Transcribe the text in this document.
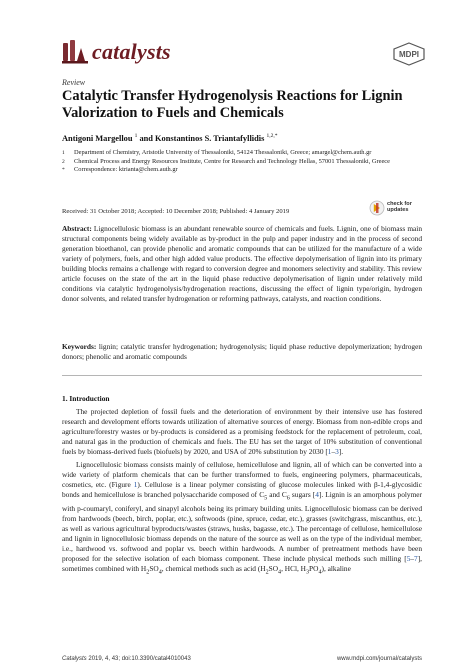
catalysts	MDPI
Review
Catalytic Transfer Hydrogenolysis Reactions for Lignin Valorization to Fuels and Chemicals
Antigoni Margellou $^1$ and Konstantinos S. Triantafyllidis $^{1,2,*}$
1 Department of Chemistry, Aristotle University of Thessaloniki, 54124 Thessaloniki, Greece; amargel@chem.auth.gr
2 Chemical Process and Energy Resources Institute, Centre for Research and Technology Hellas, 57001 Thessaloniki, Greece
* Correspondence: ktrianta@chem.auth.gr
Received: 31 October 2018; Accepted: 10 December 2018; Published: 4 January 2019
check for
updates
Abstract: Lignocellulosic biomass is an abundant renewable source of chemicals and fuels. Lignin, one of biomass main structural components being widely available as by-product in the pulp and paper industry and in the process of second generation bioethanol, can provide phenolic and aromatic compounds that can be utilized for the manufacture of a wide variety of polymers, fuels, and other high added value products. The effective depolymerisation of lignin into its primary building blocks remains a challenge with regard to conversion degree and monomers selectivity and stability. This review article focuses on the state of the art in the liquid phase reductive depolymerisation of lignin under relatively mild conditions via catalytic hydrogenolysis/hydrogenation reactions, discussing the effect of lignin type/origin, hydrogen donor solvents, and related transfer hydrogenation or reforming pathways, catalysts, and reaction conditions.
Keywords: lignin; catalytic transfer hydrogenation; hydrogenolysis; liquid phase reductive depolymerization; hydrogen donors; phenolic and aromatic compounds
1. Introduction

The projected depletion of fossil fuels and the deterioration of environment by their intensive use has fostered research and development efforts towards utilization of alternative sources of energy. Biomass from non-edible crops and agriculture/forestry wastes or by-products is considered as a promising feedstock for the replacement of petroleum, coal, and natural gas in the production of chemicals and fuels. The EU has set the target of 10% substitution of conventional fuels by biomass-derived fuels (biofuels) by 2020, and USA of 20% substitution by 2030 [1–3].

Lignocellulosic biomass consists mainly of cellulose, hemicellulose and lignin, all of which can be converted into a wide variety of platform chemicals that can be further transformed to fuels, engineering polymers, pharmaceuticals, cosmetics, etc. (Figure 1). Cellulose is a linear polymer consisting of glucose molecules linked with β-1,4-glycosidic bonds and hemicellulose is branched polysaccharide composed of $C_5$ and $C_6$ sugars [4]. Lignin is an amorphous polymer with p-coumaryl, coniferyl, and sinapyl alcohols being its primary building units. Lignocellulosic biomass can be derived from hardwoods (beech, birch, poplar, etc.), softwoods (pine, spruce, cedar, etc.), grasses (switchgrass, miscanthus, etc.), as well as various agricultural byproducts/wastes (straws, husks, bagasse, etc.). The percentage of cellulose, hemicellulose and lignin in lignocellulosic biomass depends on the nature of the source as well as on the type of the individual member, i.e., hardwood vs. softwood and poplar vs. beech within hardwoods. A number of pretreatment methods have been proposed for the selective isolation of each biomass component. These include physical methods such milling [5–7], sometimes combined with $H_2SO_4$, chemical methods such as acid ($H_2SO_4$, HCl, $H_3PO_4$), alkaline

Catalysts 2019, 4, 43; doi:10.3390/catal4010043	www.mdpi.com/journal/catalysts
